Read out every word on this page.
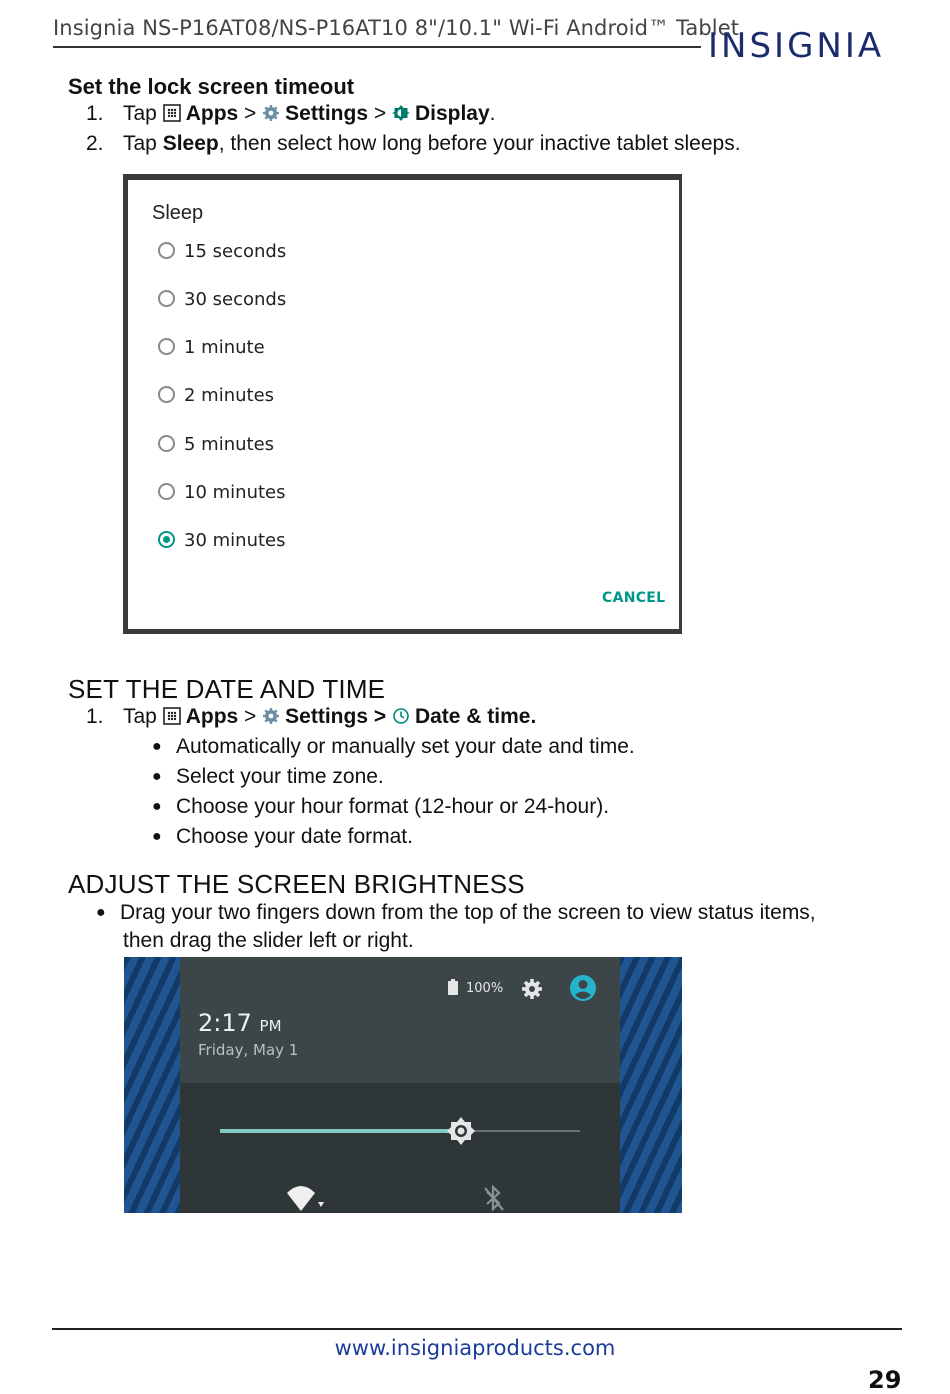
Insignia NS-P16AT08/NS-P16AT10 8"/10.1" Wi-Fi Android™ Tablet
INSIGNIA
Set the lock screen timeout
1. Tap Apps > Settings > Display.
2. Tap Sleep, then select how long before your inactive tablet sleeps.
Sleep
15 seconds
30 seconds
1 minute
2 minutes
5 minutes
10 minutes
30 minutes
CANCEL
SET THE DATE AND TIME
1. Tap Apps > Settings > Date & time.
● Automatically or manually set your date and time.
● Select your time zone.
● Choose your hour format (12-hour or 24-hour).
● Choose your date format.
ADJUST THE SCREEN BRIGHTNESS
● Drag your two fingers down from the top of the screen to view status items,
then drag the slider left or right.
100%
2:17 PM
Friday, May 1
www.insigniaproducts.com
29
